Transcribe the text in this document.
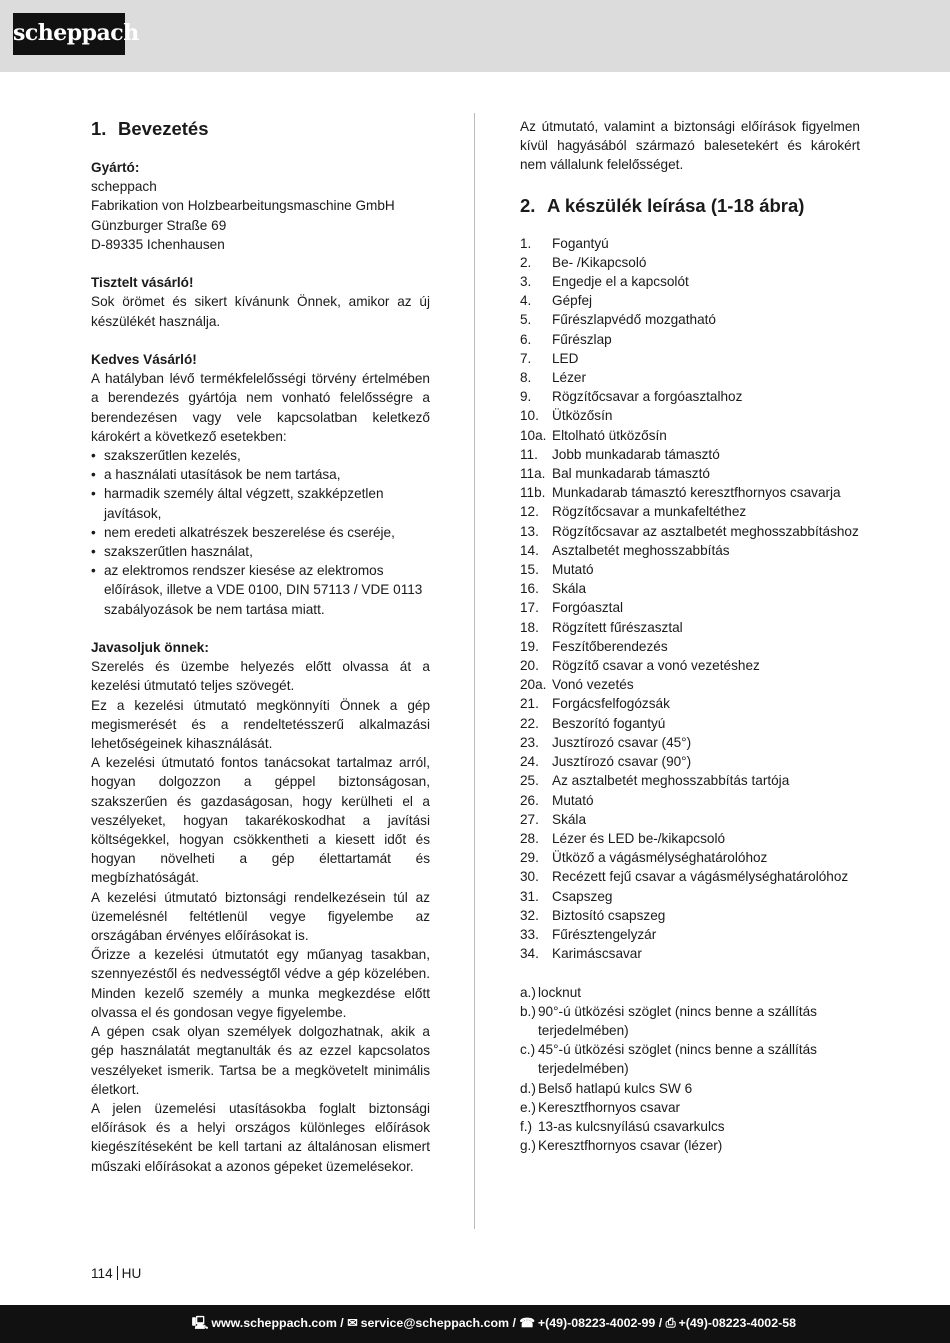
scheppach
1. Bevezetés
Gyártó:
scheppach
Fabrikation von Holzbearbeitungsmaschine GmbH
Günzburger Straße 69
D-89335 Ichenhausen
Tisztelt vásárló!

Sok örömet és sikert kívánunk Önnek, amikor az új készülékét használja.

Kedves Vásárló!

A hatályban lévő termékfelelősségi törvény értelmében a berendezés gyártója nem vonható felelősségre a berendezésen vagy vele kapcsolatban keletkező károkért a következő esetekben:

• szakszerűtlen kezelés,
• a használati utasítások be nem tartása,
• harmadik személy által végzett, szakképzetlen javítások,
• nem eredeti alkatrészek beszerelése és cseréje,
• szakszerűtlen használat,
• az elektromos rendszer kiesése az elektromos előírások, illetve a VDE 0100, DIN 57113 / VDE 0113 szabályozások be nem tartása miatt.
Javasoljuk önnek:

Szerelés és üzembe helyezés előtt olvassa át a kezelési útmutató teljes szövegét.

Ez a kezelési útmutató megkönnyíti Önnek a gép megismerését és a rendeltetésszerű alkalmazási lehetőségeinek kihasználását.

A kezelési útmutató fontos tanácsokat tartalmaz arról, hogyan dolgozzon a géppel biztonságosan, szakszerűen és gazdaságosan, hogy kerülheti el a veszélyeket, hogyan takarékoskodhat a javítási költségekkel, hogyan csökkentheti a kiesett időt és hogyan növelheti a gép élettartamát és megbízhatóságát.

A kezelési útmutató biztonsági rendelkezésein túl az üzemelésnél feltétlenül vegye figyelembe az országában érvényes előírásokat is.

Őrizze a kezelési útmutatót egy műanyag tasakban, szennyezéstől és nedvességtől védve a gép közelében. Minden kezelő személy a munka megkezdése előtt olvassa el és gondosan vegye figyelembe.

A gépen csak olyan személyek dolgozhatnak, akik a gép használatát megtanulták és az ezzel kapcsolatos veszélyeket ismerik. Tartsa be a megkövetelt minimális életkort.

A jelen üzemelési utasításokba foglalt biztonsági előírások és a helyi országos különleges előírások kiegészítéseként be kell tartani az általánosan elismert műszaki előírásokat a azonos gépeket üzemelésekor.

Az útmutató, valamint a biztonsági előírások figyelmen kívül hagyásából származó balesetekért és károkért nem vállalunk felelősséget.

2. A készülék leírása (1-18 ábra)
1.	Fogantyú
2.	Be- /Kikapcsoló
3.	Engedje el a kapcsolót
4.	Gépfej
5.	Fűrészlapvédő mozgatható
6.	Fűrészlap
7.	LED
8.	Lézer
9.	Rögzítőcsavar a forgóasztalhoz
10. Ütközősín
10a. Eltolható ütközősín
11.	Jobb munkadarab támasztó
11a. Bal munkadarab támasztó
11b. Munkadarab támasztó keresztfhornyos csavarja
12. Rögzítőcsavar a munkafeltéthez
13. Rögzítőcsavar az asztalbetét meghosszabbításhoz
14. Asztalbetét meghosszabbítás
15. Mutató
16. Skála
17. Forgóasztal
18. Rögzített fűrészasztal
19. Feszítőberendezés
20. Rögzítő csavar a vonó vezetéshez
20a. Vonó vezetés
21. Forgácsfelfogózsák
22. Beszorító fogantyú
23. Jusztírozó csavar (45°)
24. Jusztírozó csavar (90°)
25. Az asztalbetét meghosszabbítás tartója
26. Mutató
27. Skála
28. Lézer és LED be-/kikapcsoló
29. Ütköző a vágásmélységhatárolóhoz
30. Recézett fejű csavar a vágásmélységhatárolóhoz
31. Csapszeg
32. Biztosító csapszeg
33. Fűrésztengelyzár
34. Karimáscsavar
a.) locknut
b.) 90°-ú ütközési szöglet (nincs benne a szállítás terjedelmében)
c.) 45°-ú ütközési szöglet (nincs benne a szállítás terjedelmében)
d.) Belső hatlapú kulcs SW 6
e.) Keresztfhornyos csavar
f.) 13-as kulcsnyílású csavarkulcs
g.) Keresztfhornyos csavar (lézer)
114 HU
🖳 www.scheppach.com / ✉ service@scheppach.com / ☎ +(49)-08223-4002-99 / ⎙ +(49)-08223-4002-58
